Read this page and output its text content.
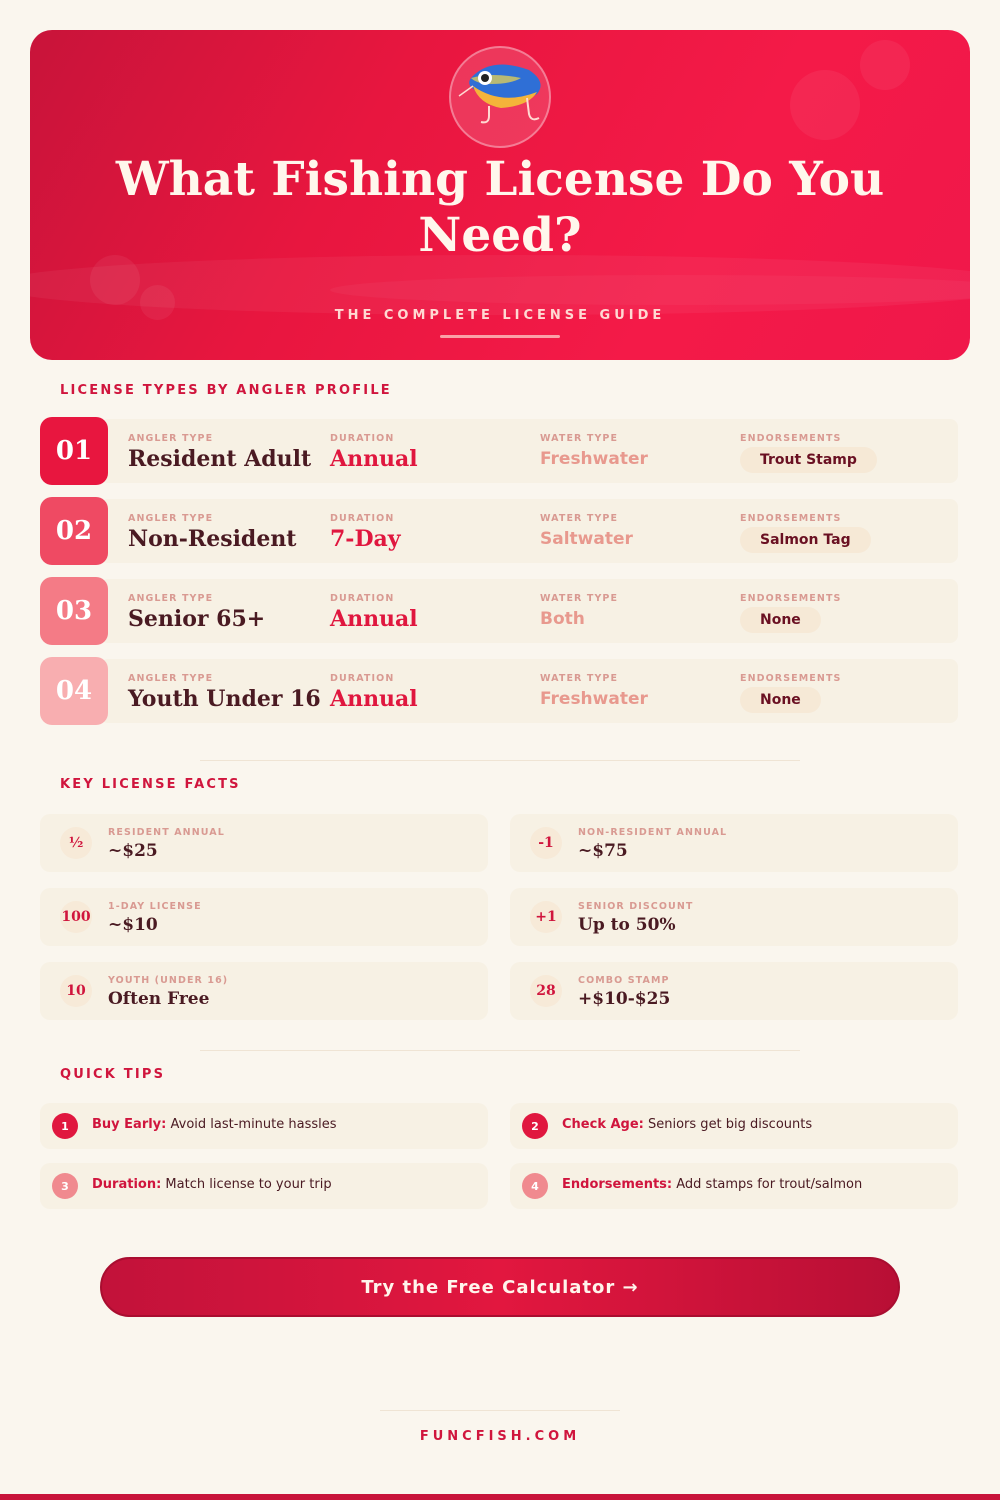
What Fishing License Do You Need?
THE COMPLETE LICENSE GUIDE
LICENSE TYPES BY ANGLER PROFILE
01	ANGLER TYPE
Resident Adult
DURATION
Annual
WATER TYPE
Freshwater
ENDORSEMENTS
Trout Stamp
02	ANGLER TYPE
Non-Resident
DURATION
7-Day
WATER TYPE
Saltwater
ENDORSEMENTS
Salmon Tag
03	ANGLER TYPE
Senior 65+
DURATION
Annual
WATER TYPE
Both
ENDORSEMENTS
None
04	ANGLER TYPE
Youth Under 16
DURATION
Annual
WATER TYPE
Freshwater
ENDORSEMENTS
None
KEY LICENSE FACTS
½
RESIDENT ANNUAL
~$25	-1
NON-RESIDENT ANNUAL
~$75
100
1-DAY LICENSE
~$10	+1
SENIOR DISCOUNT
Up to 50%
10
YOUTH (UNDER 16)
Often Free	28
COMBO STAMP
+$10-$25
QUICK TIPS
1	Buy Early: Avoid last-minute hassles	2	Check Age: Seniors get big discounts
3	Duration: Match license to your trip	4	Endorsements: Add stamps for trout/salmon
Try the Free Calculator →
FUNCFISH.COM
